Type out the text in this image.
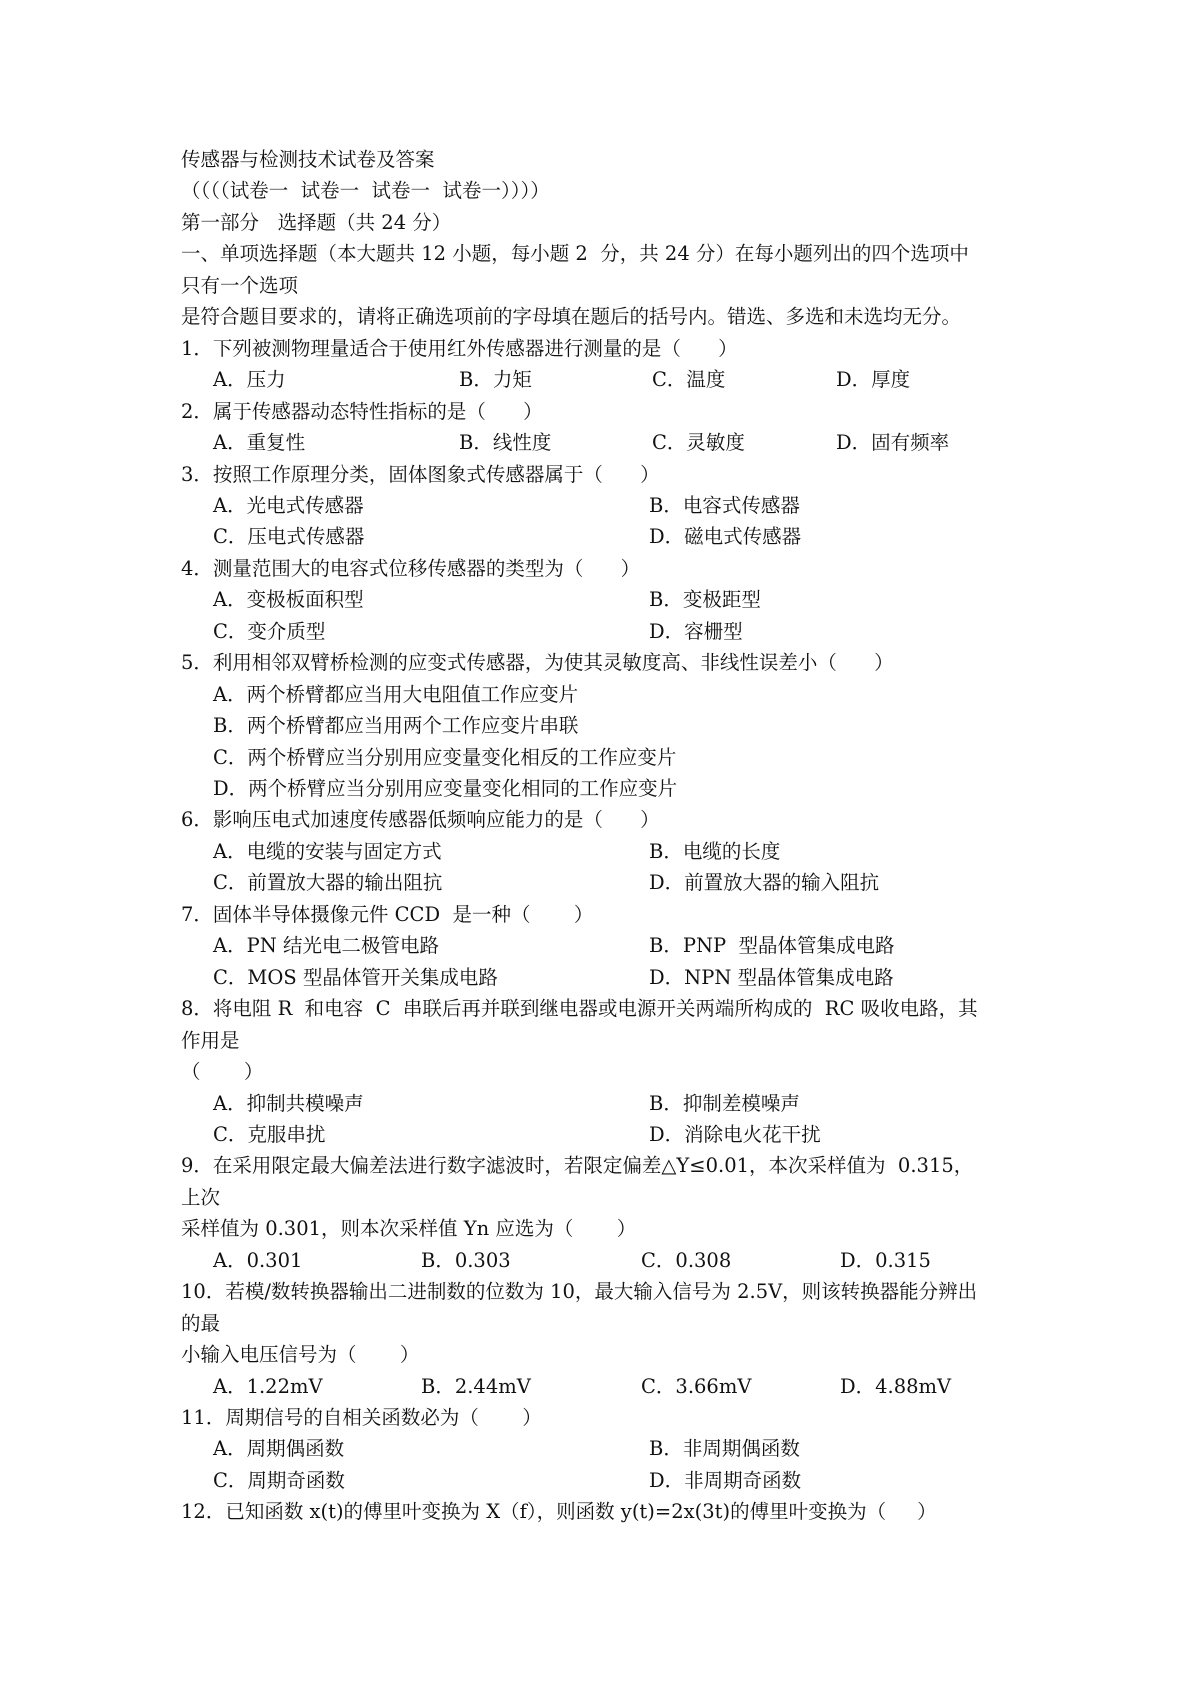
传感器与检测技术试卷及答案
（（（（试卷一  试卷一  试卷一  试卷一））））
第一部分   选择题（共 24 分）
一、单项选择题（本大题共 12 小题，每小题 2  分，共 24 分）在每小题列出的四个选项中
只有一个选项
是符合题目要求的，请将正确选项前的字母填在题后的括号内。错选、多选和未选均无分。
1．下列被测物理量适合于使用红外传感器进行测量的是（      ）
A．压力	B．力矩	C．温度	D．厚度
2．属于传感器动态特性指标的是（      ）
A．重复性	B．线性度	C．灵敏度	D．固有频率
3．按照工作原理分类，固体图象式传感器属于（      ）
A．光电式传感器	B．电容式传感器
C．压电式传感器	D．磁电式传感器
4．测量范围大的电容式位移传感器的类型为（      ）
A．变极板面积型	B．变极距型
C．变介质型	D．容栅型
5．利用相邻双臂桥检测的应变式传感器，为使其灵敏度高、非线性误差小（      ）
A．两个桥臂都应当用大电阻值工作应变片
B．两个桥臂都应当用两个工作应变片串联
C．两个桥臂应当分别用应变量变化相反的工作应变片
D．两个桥臂应当分别用应变量变化相同的工作应变片
6．影响压电式加速度传感器低频响应能力的是（      ）
A．电缆的安装与固定方式	B．电缆的长度
C．前置放大器的输出阻抗	D．前置放大器的输入阻抗
7．固体半导体摄像元件 CCD  是一种（       ）
A．PN 结光电二极管电路	B．PNP  型晶体管集成电路
C．MOS 型晶体管开关集成电路	D．NPN 型晶体管集成电路
8．将电阻 R  和电容  C  串联后再并联到继电器或电源开关两端所构成的  RC 吸收电路，其
作用是
（       ）
A．抑制共模噪声	B．抑制差模噪声
C．克服串扰	D．消除电火花干扰
9．在采用限定最大偏差法进行数字滤波时，若限定偏差△Y≤0.01，本次采样值为  0.315，
上次
采样值为 0.301，则本次采样值 Yn 应选为（       ）
A．0.301	B．0.303	C．0.308	D．0.315
10．若模/数转换器输出二进制数的位数为 10，最大输入信号为 2.5V，则该转换器能分辨出
的最
小输入电压信号为（       ）
A．1.22mV	B．2.44mV	C．3.66mV	D．4.88mV
11．周期信号的自相关函数必为（       ）
A．周期偶函数	B．非周期偶函数
C．周期奇函数	D．非周期奇函数
12．已知函数 x(t)的傅里叶变换为 X（f），则函数 y(t)=2x(3t)的傅里叶变换为（     ）
